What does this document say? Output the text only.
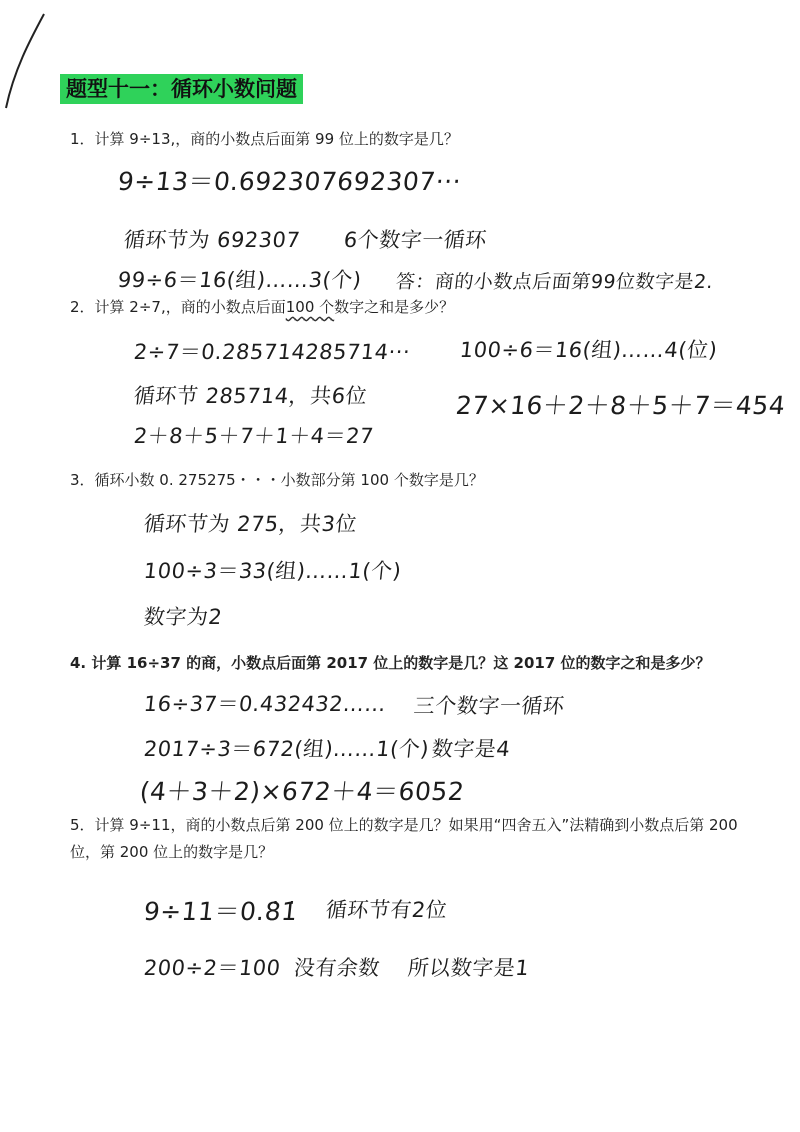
题型十一：循环小数问题
1．计算 9÷13,，商的小数点后面第 99 位上的数字是几？
9÷13＝0.692307692307···
循环节为 692307 6个数字一循环
99÷6＝16(组)……3(个) 答：商的小数点后面第99位数字是2.
2．计算 2÷7,，商的小数点后面100 个数字之和是多少？
2÷7＝0.285714285714··· 100÷6＝16(组)……4(位)
循环节 285714，共6位	27×16＋2＋8＋5＋7＝454
2＋8＋5＋7＋1＋4＝27
3．循环小数 0. 275275・・・小数部分第 100 个数字是几？
循环节为 275，共3位
100÷3＝33(组)……1(个)
数字为2
4. 计算 16÷37 的商，小数点后面第 2017 位上的数字是几？这 2017 位的数字之和是多少？
16÷37＝0.432432…… 三个数字一循环
2017÷3＝672(组)……1(个) 数字是4
(4＋3＋2)×672＋4＝6052
5．计算 9÷11，商的小数点后第 200 位上的数字是几？如果用“四舍五入”法精确到小数点后第 200 位，第 200 位上的数字是几？
9÷11＝0.8̇1̇ 循环节有2位
200÷2＝100 没有余数 所以数字是1
